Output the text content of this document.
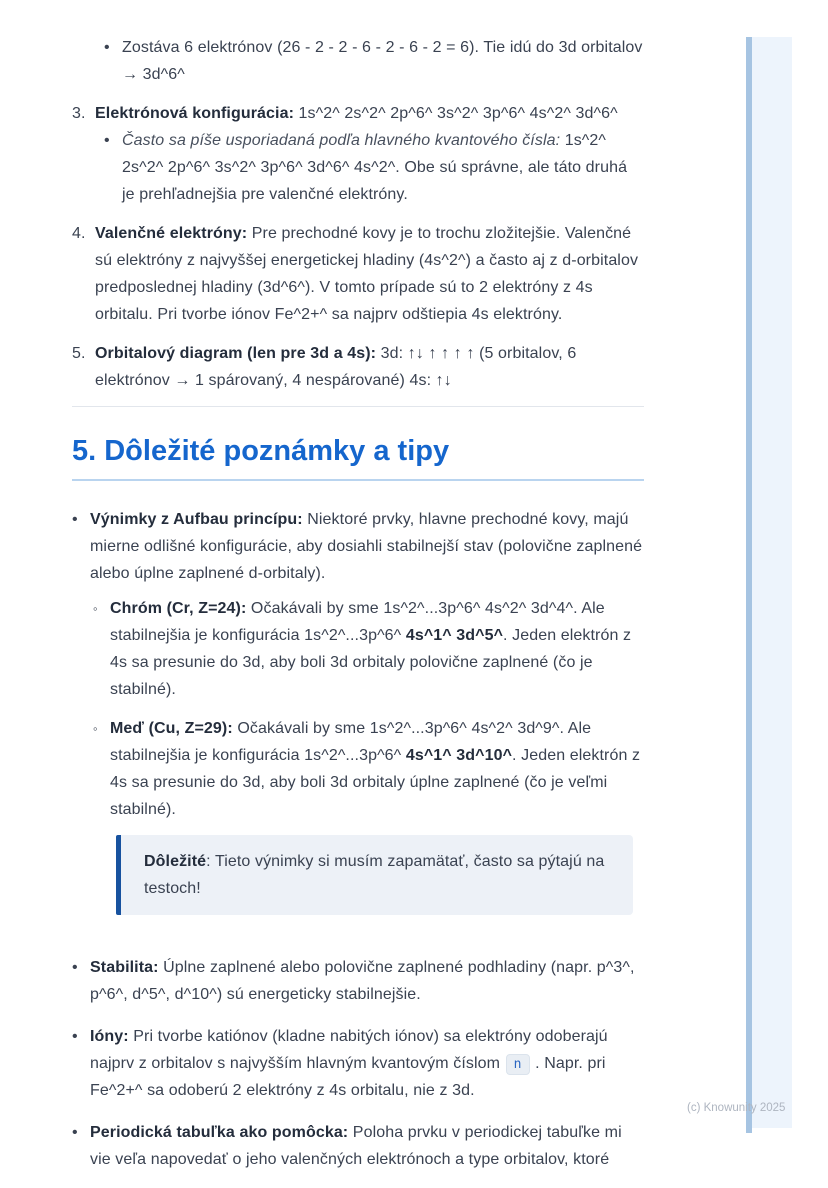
• Zostáva 6 elektrónov (26 - 2 - 2 - 6 - 2 - 6 - 2 = 6). Tie idú do 3d orbitalov → 3d^6^
3. Elektrónová konfigurácia: 1s^2^ 2s^2^ 2p^6^ 3s^2^ 3p^6^ 4s^2^ 3d^6^
• Často sa píše usporiadaná podľa hlavného kvantového čísla: 1s^2^ 2s^2^ 2p^6^ 3s^2^ 3p^6^ 3d^6^ 4s^2^. Obe sú správne, ale táto druhá je prehľadnejšia pre valenčné elektróny.
4. Valenčné elektróny: Pre prechodné kovy je to trochu zložitejšie. Valenčné sú elektróny z najvyššej energetickej hladiny (4s^2^) a často aj z d-orbitalov predposlednej hladiny (3d^6^). V tomto prípade sú to 2 elektróny z 4s orbitalu. Pri tvorbe iónov Fe^2+^ sa najprv odštiepia 4s elektróny.
5. Orbitalový diagram (len pre 3d a 4s): 3d: ↑↓ ↑ ↑ ↑ ↑ (5 orbitalov, 6 elektrónov → 1 spárovaný, 4 nespárované) 4s: ↑↓
5. Dôležité poznámky a tipy
• Výnimky z Aufbau princípu: Niektoré prvky, hlavne prechodné kovy, majú mierne odlišné konfigurácie, aby dosiahli stabilnejší stav (polovične zaplnené alebo úplne zaplnené d-orbitaly).
◦ Chróm (Cr, Z=24): Očakávali by sme 1s^2^...3p^6^ 4s^2^ 3d^4^. Ale stabilnejšia je konfigurácia 1s^2^...3p^6^ 4s^1^ 3d^5^. Jeden elektrón z 4s sa presunie do 3d, aby boli 3d orbitaly polovične zaplnené (čo je stabilné).
◦ Meď (Cu, Z=29): Očakávali by sme 1s^2^...3p^6^ 4s^2^ 3d^9^. Ale stabilnejšia je konfigurácia 1s^2^...3p^6^ 4s^1^ 3d^10^. Jeden elektrón z 4s sa presunie do 3d, aby boli 3d orbitaly úplne zaplnené (čo je veľmi stabilné).
Dôležité: Tieto výnimky si musím zapamätať, často sa pýtajú na testoch!
• Stabilita: Úplne zaplnené alebo polovične zaplnené podhladiny (napr. p^3^, p^6^, d^5^, d^10^) sú energeticky stabilnejšie.
• Ióny: Pri tvorbe katiónov (kladne nabitých iónov) sa elektróny odoberajú najprv z orbitalov s najvyšším hlavným kvantovým číslom n . Napr. pri Fe^2+^ sa odoberú 2 elektróny z 4s orbitalu, nie z 3d.
• Periodická tabuľka ako pomôcka: Poloha prvku v periodickej tabuľke mi vie veľa napovedať o jeho valenčných elektrónoch a type orbitalov, ktoré
(c) Knowunity 2025
